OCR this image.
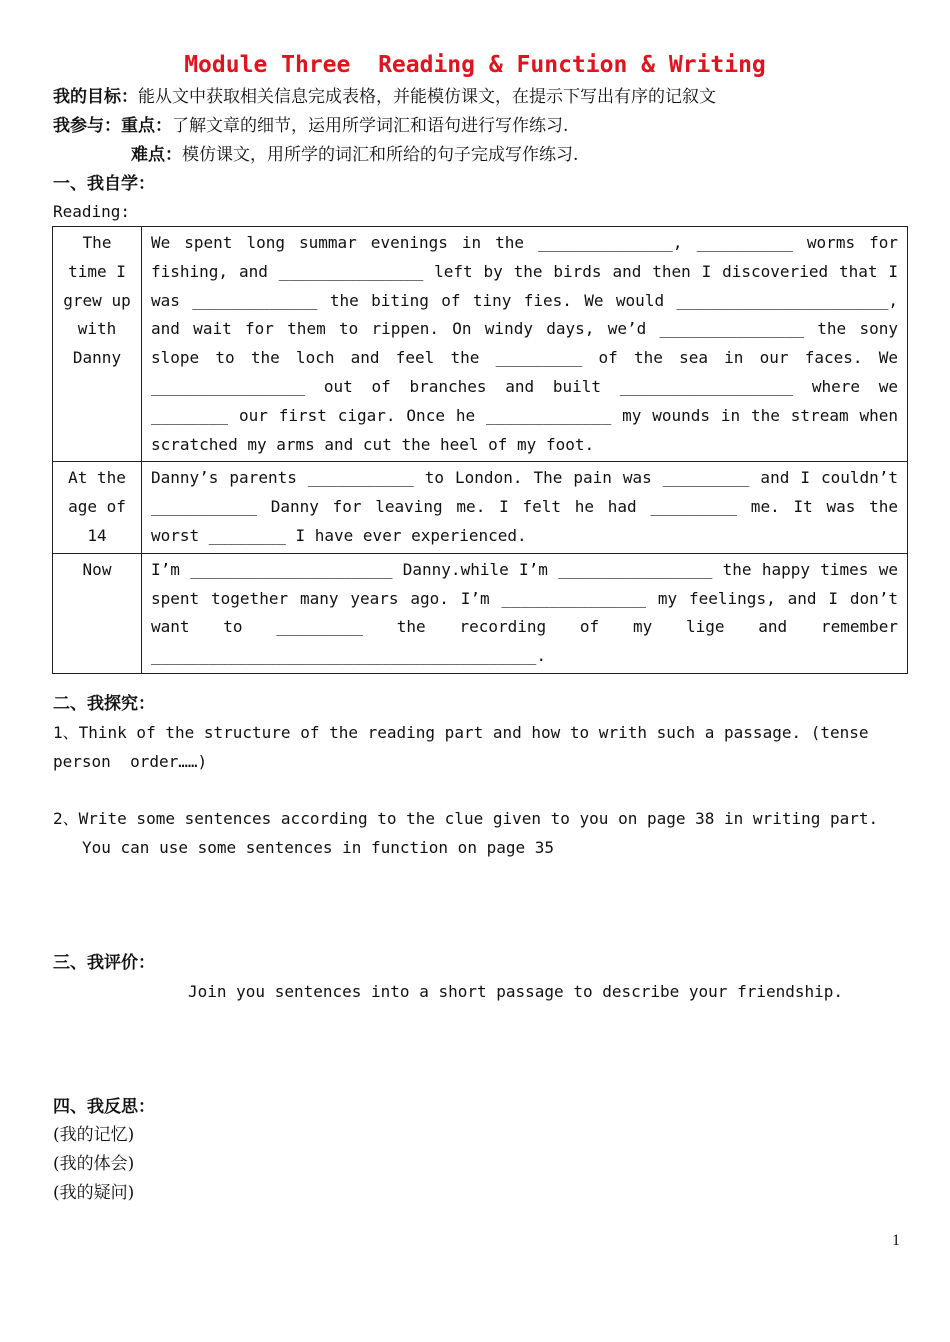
Module Three  Reading & Function & Writing
我的目标：能从文中获取相关信息完成表格，并能模仿课文，在提示下写出有序的记叙文
我参与：重点：了解文章的细节，运用所学词汇和语句进行写作练习.
难点：模仿课文，用所学的词汇和所给的句子完成写作练习.
一、我自学：
Reading:
The time I grew up with Danny	We spent long summar evenings in the ______________, __________ worms for fishing, and _______________ left by the birds and then I discoveried that I was _____________ the biting of tiny fies. We would ______________________, and wait for them to rippen. On windy days, we’d _______________ the sony slope to the loch and feel the _________ of the sea in our faces. We ________________ out of branches and built __________________ where we ________ our first cigar. Once he _____________ my wounds in the stream when scratched my arms and cut the heel of my foot.
At the age of 14	Danny’s parents ___________ to London. The pain was _________ and I couldn’t ___________ Danny for leaving me. I felt he had _________ me. It was the worst ________ I have ever experienced.
Now	I’m _____________________ Danny.while I’m ________________ the happy times we spent together many years ago. I’m _______________ my feelings, and I don’t want to _________ the recording of my lige and remember ________________________________________.
二、我探究：
1、Think of the structure of the reading part and how to writh such a passage. (tense
person  order……)
2、Write some sentences according to the clue given to you on page 38 in writing part.
You can use some sentences in function on page 35
三、我评价：
Join you sentences into a short passage to describe your friendship.
四、我反思：
(我的记忆)
(我的体会)
(我的疑问)
1
